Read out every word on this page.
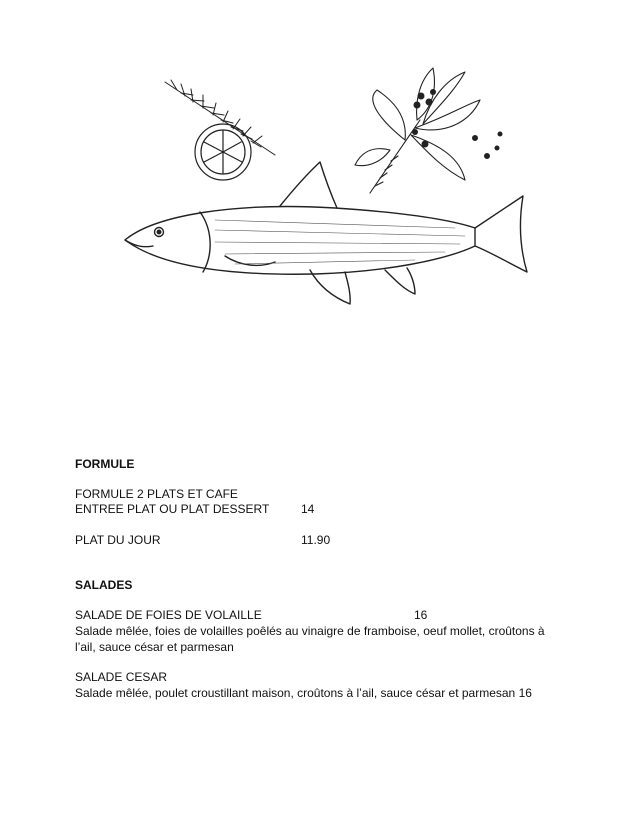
FORMULE
FORMULE 2 PLATS ET CAFE
ENTREE PLAT OU PLAT DESSERT	14
PLAT DU JOUR	11.90
SALADES
SALADE DE FOIES DE VOLAILLE	16
Salade mêlée, foies de volailles poêlés au vinaigre de framboise, oeuf mollet, croûtons à l’ail, sauce césar et parmesan
SALADE CESAR
Salade mêlée, poulet croustillant maison, croûtons à l’ail, sauce césar et parmesan 16
